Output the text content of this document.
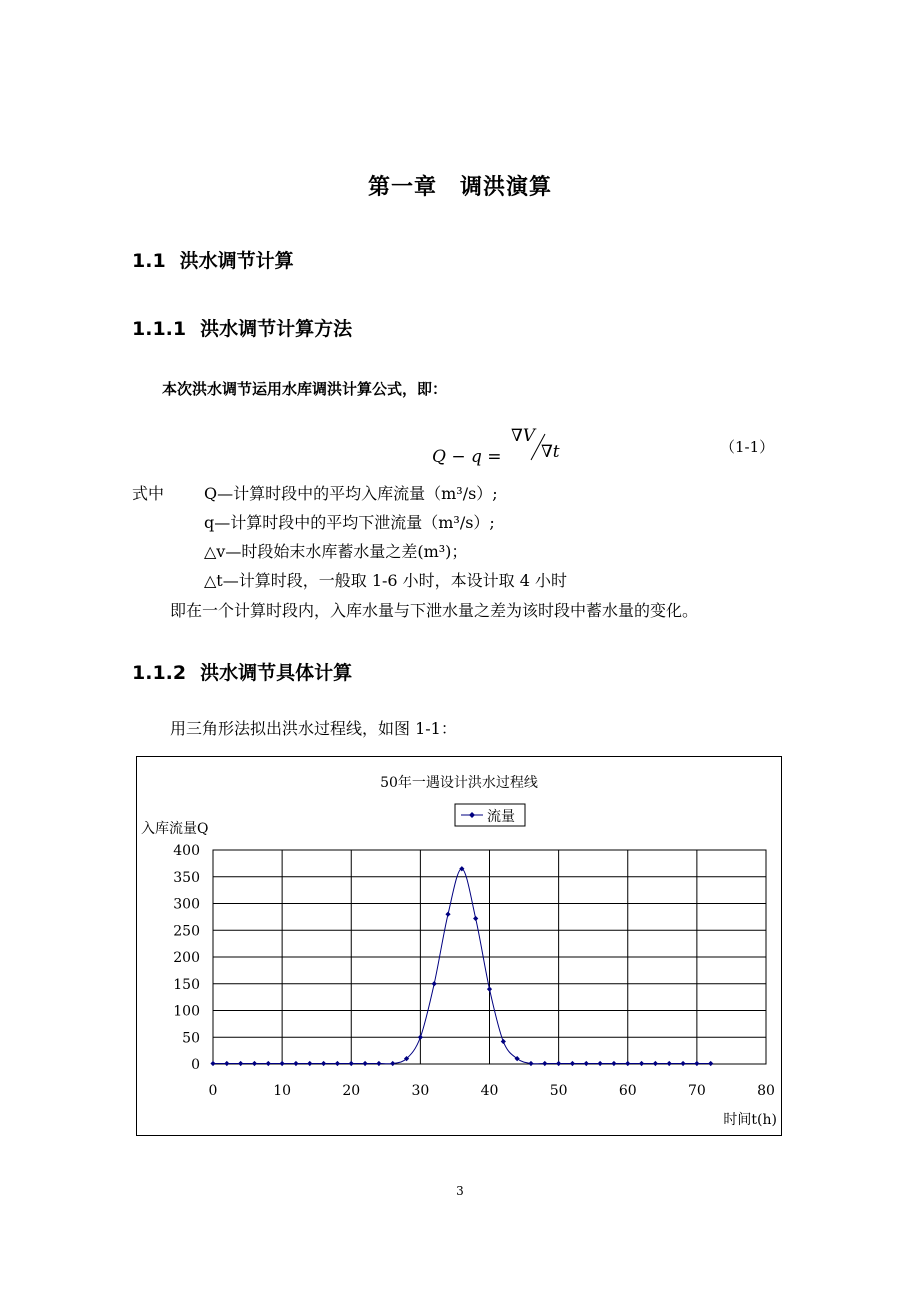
第一章　调洪演算
1.1 洪水调节计算
1.1.1 洪水调节计算方法
本次洪水调节运用水库调洪计算公式，即：
Q − q =
∇V
∇t	（1-1）
式中 Q—计算时段中的平均入库流量（m³/s）;
q—计算时段中的平均下泄流量（m³/s）;
△v—时段始末水库蓄水量之差(m³)；
△t—计算时段，一般取 1-6 小时，本设计取 4 小时
即在一个计算时段内，入库水量与下泄水量之差为该时段中蓄水量的变化。
1.1.2 洪水调节具体计算
用三角形法拟出洪水过程线，如图 1-1：
50年一遇设计洪水过程线
流量
入库流量Q
时间t(h)
0
50
100
150
200
250
300
350
400
0	10	20	30	40	50	60	70	80
3
